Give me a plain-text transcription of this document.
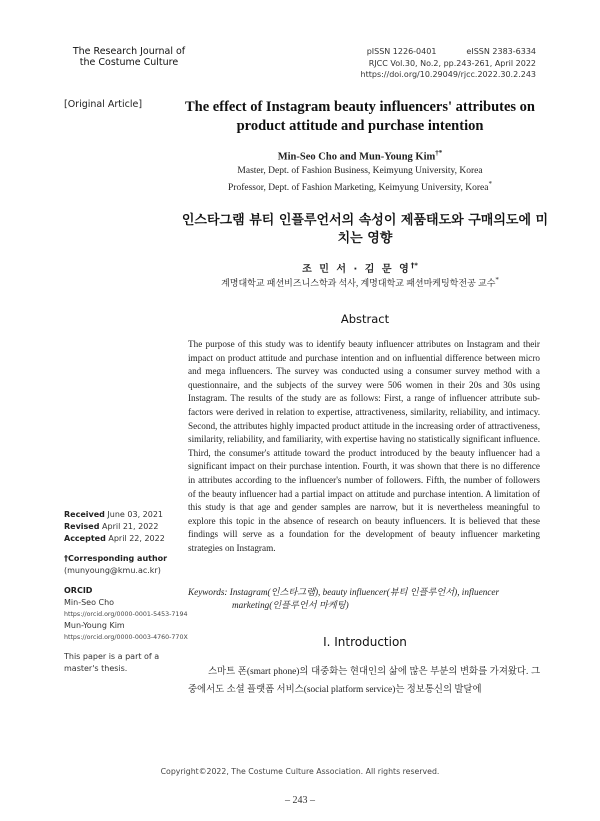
The Research Journal of
the Costume Culture
pISSN 1226-0401	eISSN 2383-6334
RJCC Vol.30, No.2, pp.243-261, April 2022
https://doi.org/10.29049/rjcc.2022.30.2.243
[Original Article]	The effect of Instagram beauty influencers' attributes on product attitude and purchase intention
Min-Seo Cho and Mun-Young Kim†*
Master, Dept. of Fashion Business, Keimyung University, Korea
Professor, Dept. of Fashion Marketing, Keimyung University, Korea*
인스타그램 뷰티 인플루언서의 속성이 제품태도와 구매의도에 미치는 영향
조 민 서 · 김 문 영†*
계명대학교 패션비즈니스학과 석사, 계명대학교 패션마케팅학전공 교수*
Abstract
The purpose of this study was to identify beauty influencer attributes on Instagram and their impact on product attitude and purchase intention and on influential difference between micro and mega influencers. The survey was conducted using a consumer survey method with a questionnaire, and the subjects of the survey were 506 women in their 20s and 30s using Instagram. The results of the study are as follows: First, a range of influencer attribute sub-factors were derived in relation to expertise, attractiveness, similarity, reliability, and intimacy. Second, the attributes highly impacted product attitude in the increasing order of attractiveness, similarity, reliability, and familiarity, with expertise having no statistically significant influence. Third, the consumer's attitude toward the product introduced by the beauty influencer had a significant impact on their purchase intention. Fourth, it was shown that there is no difference in attributes according to the influencer's number of followers. Fifth, the number of followers of the beauty influencer had a partial impact on attitude and purchase intention. A limitation of this study is that age and gender samples are narrow, but it is nevertheless meaningful to explore this topic in the absence of research on beauty influencers. It is believed that these findings will serve as a foundation for the development of beauty influencer marketing strategies on Instagram.
Keywords: Instagram(인스타그램), beauty influencer(뷰티 인플루언서), influencer
marketing(인플루언서 마케팅)
Ⅰ. Introduction
스마트 폰(smart phone)의 대중화는 현대인의 삶에 많은 부분의 변화를 가져왔다. 그중에서도 소셜 플랫폼 서비스(social platform service)는 정보통신의 발달에
Received June 03, 2021
Revised April 21, 2022
Accepted April 22, 2022
†Corresponding author
(munyoung@kmu.ac.kr)
ORCID
Min-Seo Cho
https://orcid.org/0000-0001-5453-7194
Mun-Young Kim
https://orcid.org/0000-0003-4760-770X
This paper is a part of a master's thesis.
Copyright©2022, The Costume Culture Association. All rights reserved.
– 243 –
